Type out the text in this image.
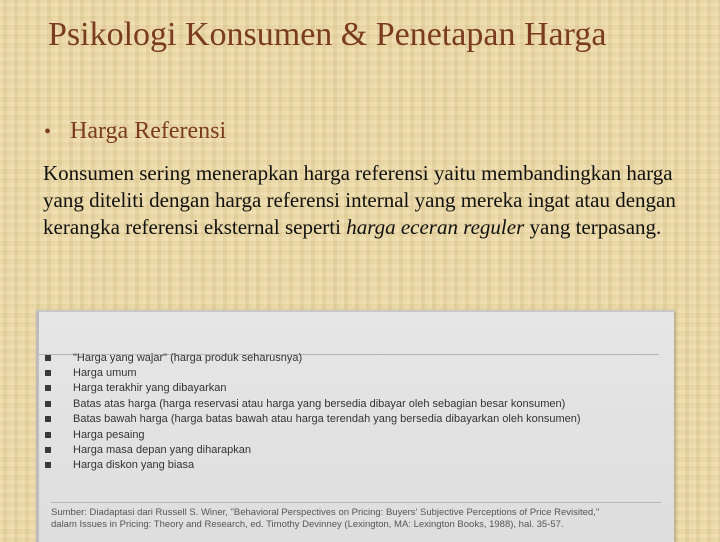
Psikologi Konsumen & Penetapan Harga
• Harga Referensi
Konsumen sering menerapkan harga referensi yaitu membandingkan harga yang diteliti dengan harga referensi internal yang mereka ingat atau dengan kerangka referensi eksternal seperti harga eceran reguler yang terpasang.
"Harga yang wajar" (harga produk seharusnya)
Harga umum
Harga terakhir yang dibayarkan
Batas atas harga (harga reservasi atau harga yang bersedia dibayar oleh sebagian besar konsumen)
Batas bawah harga (harga batas bawah atau harga terendah yang bersedia dibayarkan oleh konsumen)
Harga pesaing
Harga masa depan yang diharapkan
Harga diskon yang biasa
Sumber: Diadaptasi dari Russell S. Winer, "Behavioral Perspectives on Pricing: Buyers' Subjective Perceptions of Price Revisited,"
dalam Issues in Pricing: Theory and Research, ed. Timothy Devinney (Lexington, MA: Lexington Books, 1988), hal. 35-57.
